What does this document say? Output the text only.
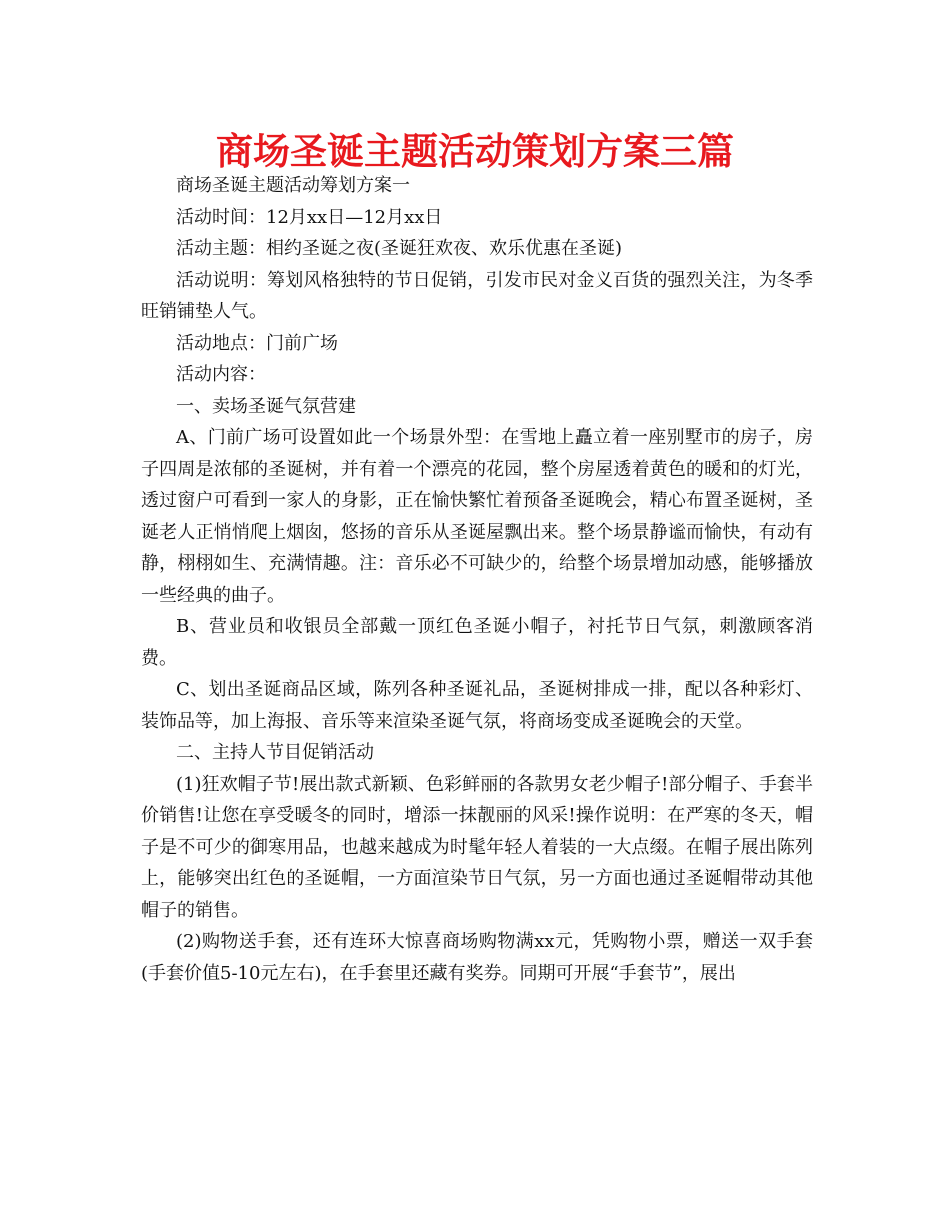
商场圣诞主题活动策划方案三篇

商场圣诞主题活动筹划方案一

活动时间：12月xx日—12月xx日

活动主题：相约圣诞之夜(圣诞狂欢夜、欢乐优惠在圣诞)

活动说明：筹划风格独特的节日促销，引发市民对金义百货的强烈关注，为冬季旺销铺垫人气。

活动地点：门前广场

活动内容：

一、卖场圣诞气氛营建

A、门前广场可设置如此一个场景外型：在雪地上矗立着一座别墅市的房子，房子四周是浓郁的圣诞树，并有着一个漂亮的花园，整个房屋透着黄色的暖和的灯光，透过窗户可看到一家人的身影，正在愉快繁忙着预备圣诞晚会，精心布置圣诞树，圣诞老人正悄悄爬上烟囱，悠扬的音乐从圣诞屋飘出来。整个场景静谧而愉快，有动有静，栩栩如生、充满情趣。注：音乐必不可缺少的，给整个场景增加动感，能够播放一些经典的曲子。

B、营业员和收银员全部戴一顶红色圣诞小帽子，衬托节日气氛，刺激顾客消费。

C、划出圣诞商品区域，陈列各种圣诞礼品，圣诞树排成一排，配以各种彩灯、装饰品等，加上海报、音乐等来渲染圣诞气氛，将商场变成圣诞晚会的天堂。

二、主持人节目促销活动

(1)狂欢帽子节!展出款式新颖、色彩鲜丽的各款男女老少帽子!部分帽子、手套半价销售!让您在享受暖冬的同时，增添一抹靓丽的风采!操作说明：在严寒的冬天，帽子是不可少的御寒用品，也越来越成为时髦年轻人着装的一大点缀。在帽子展出陈列上，能够突出红色的圣诞帽，一方面渲染节日气氛，另一方面也通过圣诞帽带动其他帽子的销售。

(2)购物送手套，还有连环大惊喜商场购物满xx元，凭购物小票，赠送一双手套(手套价值5-10元左右)，在手套里还藏有奖券。同期可开展“手套节”，展出
